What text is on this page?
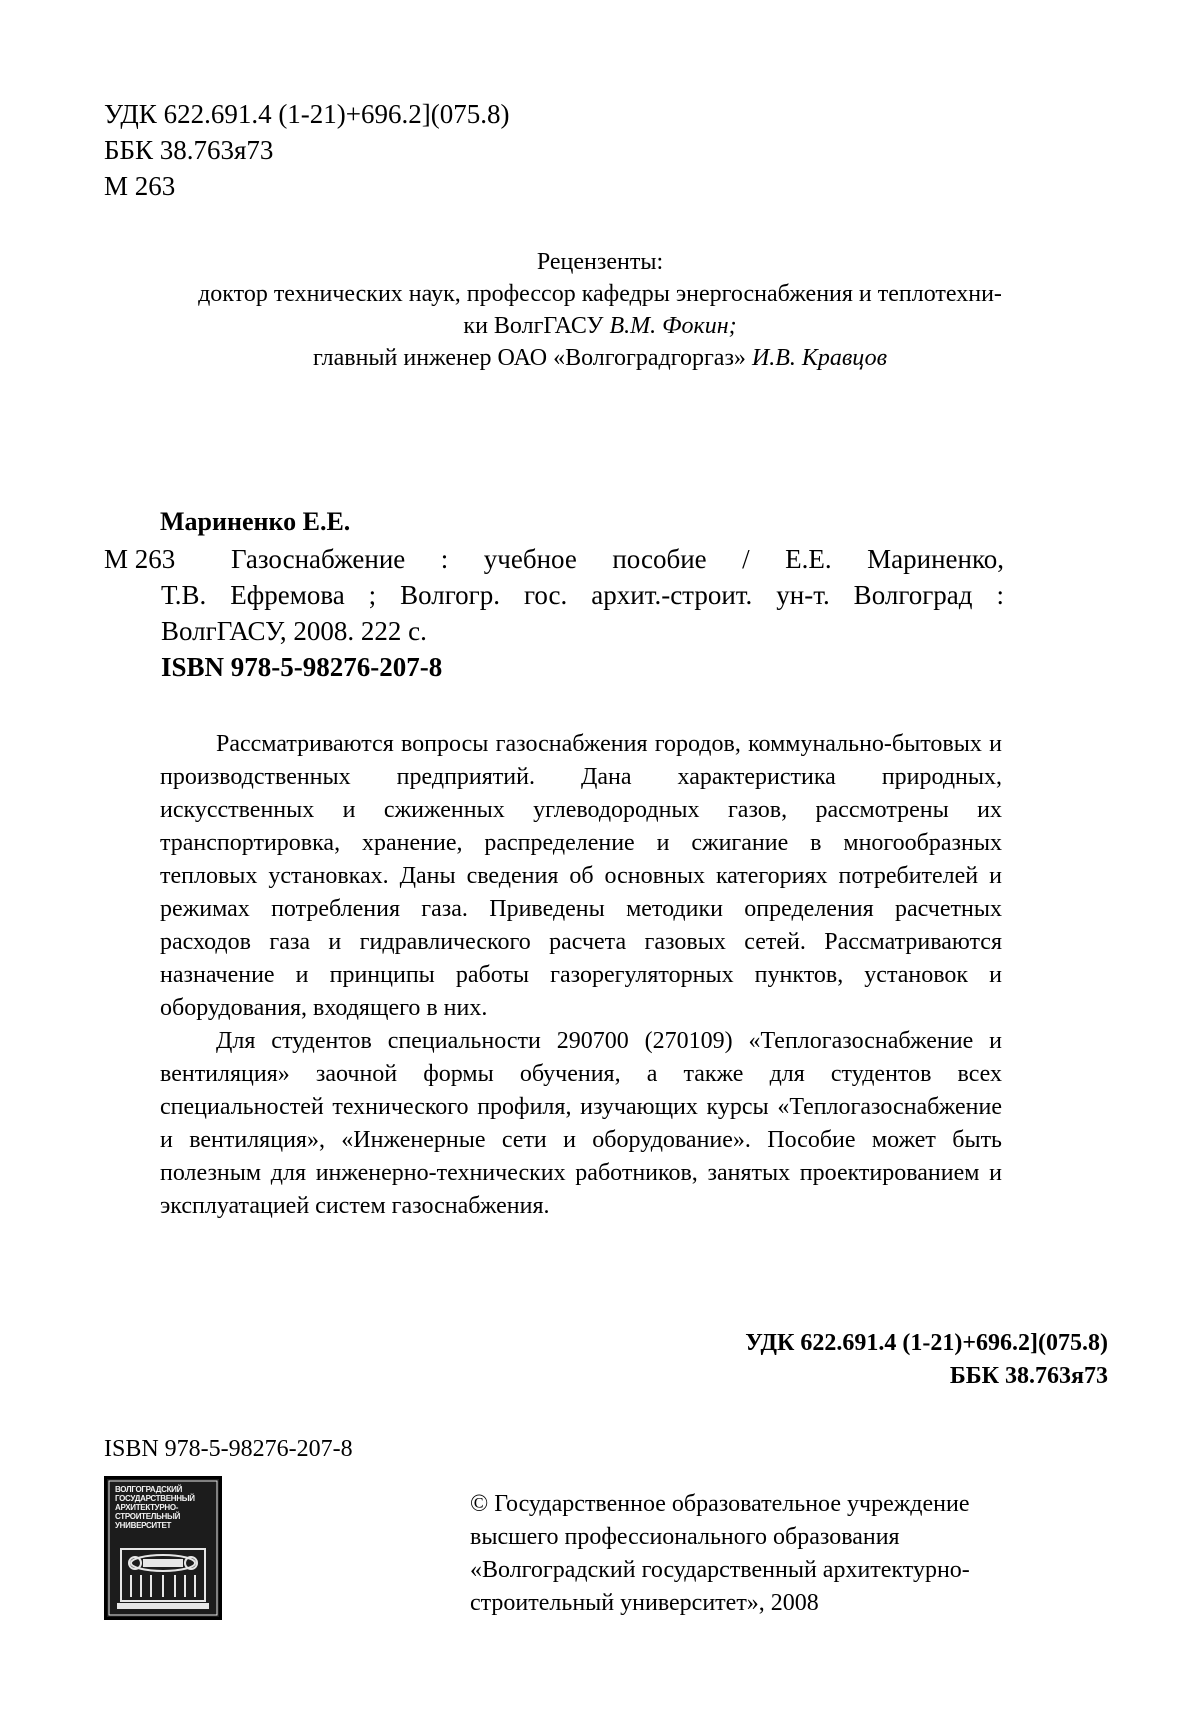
УДК 622.691.4 (1-21)+696.2](075.8)
ББК 38.763я73
М 263
Рецензенты:
доктор технических наук, профессор кафедры энергоснабжения и теплотехни-
ки ВолгГАСУ В.М. Фокин;
главный инженер ОАО «Волгоградгоргаз» И.В. Кравцов
Мариненко Е.Е.
М 263	Газоснабжение : учебное пособие / Е.Е. Мариненко,
Т.В. Ефремова ; Волгогр. гос. архит.-строит. ун-т. Волгоград :
ВолгГАСУ, 2008. 222 с.
ISBN 978-5-98276-207-8

Рассматриваются вопросы газоснабжения городов, коммунально-бытовых и производственных предприятий. Дана характеристика природных, искусственных и сжиженных углеводородных газов, рассмотрены их транспортировка, хранение, распределение и сжигание в многообразных тепловых установках. Даны сведения об основных категориях потребителей и режимах потребления газа. Приведены методики определения расчетных расходов газа и гидравлического расчета газовых сетей. Рассматриваются назначение и принципы работы газорегуляторных пунктов, установок и оборудования, входящего в них.

Для студентов специальности 290700 (270109) «Теплогазоснабжение и вентиляция» заочной формы обучения, а также для студентов всех специальностей технического профиля, изучающих курсы «Теплогазоснабжение и вентиляция», «Инженерные сети и оборудование». Пособие может быть полезным для инженерно-технических работников, занятых проектированием и эксплуатацией систем газоснабжения.

УДК 622.691.4 (1-21)+696.2](075.8)
ББК 38.763я73
ISBN 978-5-98276-207-8
ВОЛГОГРАДСКИЙ
ГОСУДАРСТВЕННЫЙ
АРХИТЕКТУРНО-
СТРОИТЕЛЬНЫЙ
УНИВЕРСИТЕТ
© Государственное образовательное учреждение
высшего профессионального образования
«Волгоградский государственный архитектурно-
строительный университет», 2008
